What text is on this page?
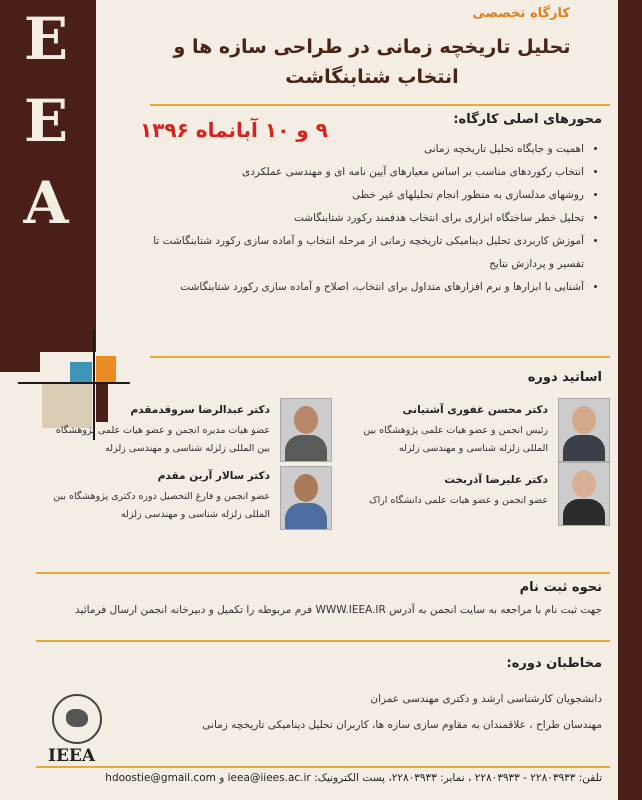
E
E
A
کارگاه تخصصی
تحلیل تاریخچه زمانی در طراحی سازه ها و انتخاب شتابنگاشت
محورهای اصلی کارگاه:
۹ و ۱۰ آبانماه ۱۳۹۶
• اهمیت و جایگاه تحلیل تاریخچه زمانی
• انتخاب رکوردهای مناسب بر اساس معیارهای آیین نامه ای و مهندسی عملکردی
• روشهای مدلسازی به منظور انجام تحلیلهای غیر خطی
• تحلیل خطر ساختگاه ابزاری برای انتخاب هدفمند رکورد شتابنگاشت
• آموزش کاربردی تحلیل دینامیکی تاریخچه زمانی از مرحله انتخاب و آماده سازی رکورد شتابنگاشت تا تفسیر و پردازش نتایج
• آشنایی با ابزارها و نرم افزارهای متداول برای انتخاب، اصلاح و آماده سازی رکورد شتابنگاشت
اساتید دوره
دکتر محسن غفوری آشتیانی
رئیس انجمن و عضو هیات علمی پژوهشگاه بین المللی زلزله شناسی و مهندسی زلزله
دکتر عبدالرضا سروقدمقدم
عضو هیات مدیره انجمن و عضو هیات علمی پژوهشگاه بین المللی زلزله شناسی و مهندسی زلزله
دکتر علیرضا آذربخت
عضو انجمن و عضو هیات علمی دانشگاه اراک
دکتر سالار آرین مقدم
عضو انجمن و فارغ التحصیل دوره دکتری پژوهشگاه بین المللی زلزله شناسی و مهندسی زلزله
نحوه ثبت نام
جهت ثبت نام با مراجعه به سایت انجمن به آدرس WWW.IEEA.IR فرم مربوطه را تکمیل و دبیرخانه انجمن ارسال فرمائید
مخاطبان دوره:
دانشجویان کارشناسی ارشد و دکتری مهندسی عمران
مهندسان طراح ، علاقمندان به مقاوم سازی سازه ها، کاربران تحلیل دینامیکی تاریخچه زمانی
IEEA
تلفن: ۲۲۸۰۳۹۳۳ - ۲۲۸۰۳۹۳۳ ، نمابر: ۲۲۸۰۳۹۳۳، پست الکترونیک: ieea@iiees.ac.ir و hdoostie@gmail.com
